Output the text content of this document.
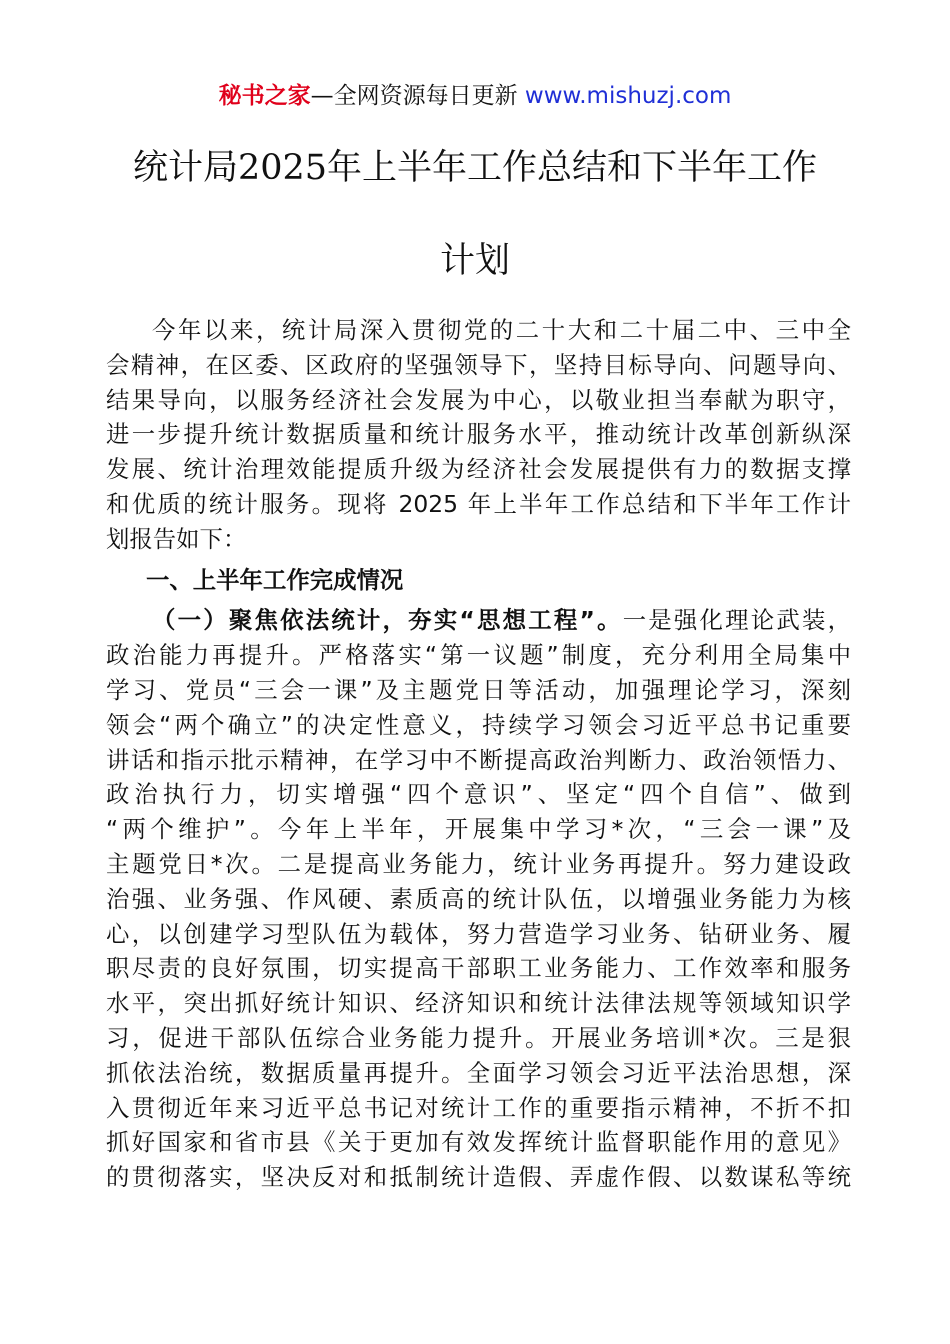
秘书之家—全网资源每日更新 www.mishuzj.com
统计局2025年上半年工作总结和下半年工作
计划
今年以来，统计局深入贯彻党的二十大和二十届二中、三中全
会精神，在区委、区政府的坚强领导下，坚持目标导向、问题导向、
结果导向，以服务经济社会发展为中心，以敬业担当奉献为职守，
进一步提升统计数据质量和统计服务水平，推动统计改革创新纵深
发展、统计治理效能提质升级为经济社会发展提供有力的数据支撑
和优质的统计服务。现将 2025 年上半年工作总结和下半年工作计
划报告如下：
一、上半年工作完成情况
（一）聚焦依法统计，夯实“思想工程”。一是强化理论武装，
政治能力再提升。严格落实“第一议题”制度，充分利用全局集中
学习、党员“三会一课”及主题党日等活动，加强理论学习，深刻
领会“两个确立”的决定性意义，持续学习领会习近平总书记重要
讲话和指示批示精神，在学习中不断提高政治判断力、政治领悟力、
政治执行力，切实增强“四个意识”、坚定“四个自信”、做到
“两个维护”。今年上半年，开展集中学习*次，“三会一课”及
主题党日*次。二是提高业务能力，统计业务再提升。努力建设政
治强、业务强、作风硬、素质高的统计队伍，以增强业务能力为核
心，以创建学习型队伍为载体，努力营造学习业务、钻研业务、履
职尽责的良好氛围，切实提高干部职工业务能力、工作效率和服务
水平，突出抓好统计知识、经济知识和统计法律法规等领域知识学
习，促进干部队伍综合业务能力提升。开展业务培训*次。三是狠
抓依法治统，数据质量再提升。全面学习领会习近平法治思想，深
入贯彻近年来习近平总书记对统计工作的重要指示精神，不折不扣
抓好国家和省市县《关于更加有效发挥统计监督职能作用的意见》
的贯彻落实，坚决反对和抵制统计造假、弄虚作假、以数谋私等统
